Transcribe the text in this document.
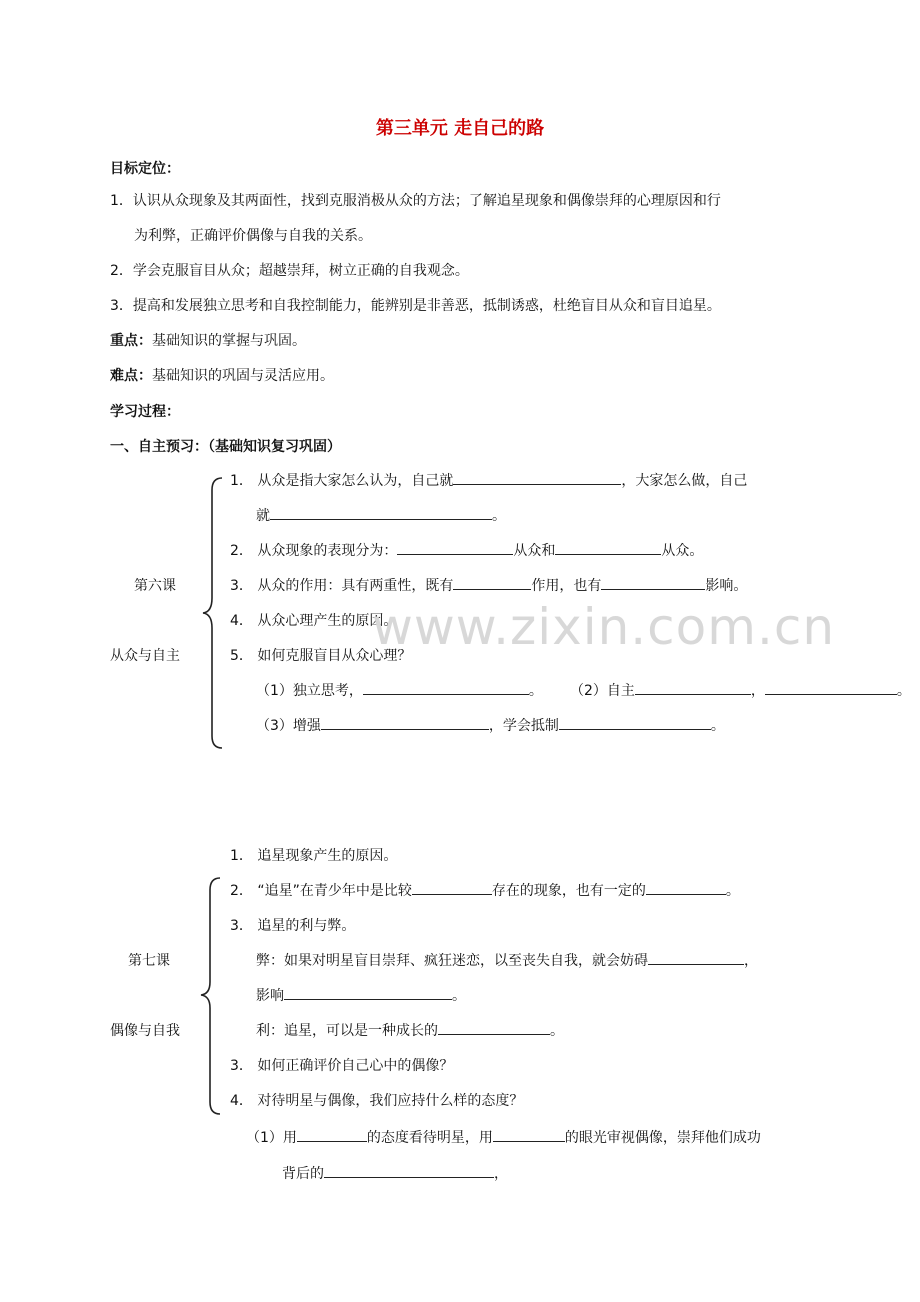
第三单元 走自己的路
目标定位：
1．认识从众现象及其两面性，找到克服消极从众的方法；了解追星现象和偶像崇拜的心理原因和行
为利弊，正确评价偶像与自我的关系。
2．学会克服盲目从众；超越崇拜，树立正确的自我观念。
3．提高和发展独立思考和自我控制能力，能辨别是非善恶，抵制诱惑，杜绝盲目从众和盲目追星。
重点：基础知识的掌握与巩固。
难点：基础知识的巩固与灵活应用。
学习过程：
一、自主预习：（基础知识复习巩固）
第六课
从众与自主
1． 从众是指大家怎么认为，自己就	，大家怎么做，自己
就	。
2． 从众现象的表现分为：	从众和	从众。
3． 从众的作用：具有两重性，既有	作用，也有	影响。
4． 从众心理产生的原因。
5． 如何克服盲目从众心理？
（1）独立思考，	。 （2）自主	，	。
（3）增强	，学会抵制	。
www.zixin.com.cn
第七课
偶像与自我
1． 追星现象产生的原因。
2． “追星”在青少年中是比较	存在的现象，也有一定的	。
3． 追星的利与弊。
弊：如果对明星盲目崇拜、疯狂迷恋，以至丧失自我，就会妨碍	，
影响	。
利：追星，可以是一种成长的	。
3． 如何正确评价自己心中的偶像？
4． 对待明星与偶像，我们应持什么样的态度？
（1）用	的态度看待明星，用	的眼光审视偶像，崇拜他们成功
背后的	，
